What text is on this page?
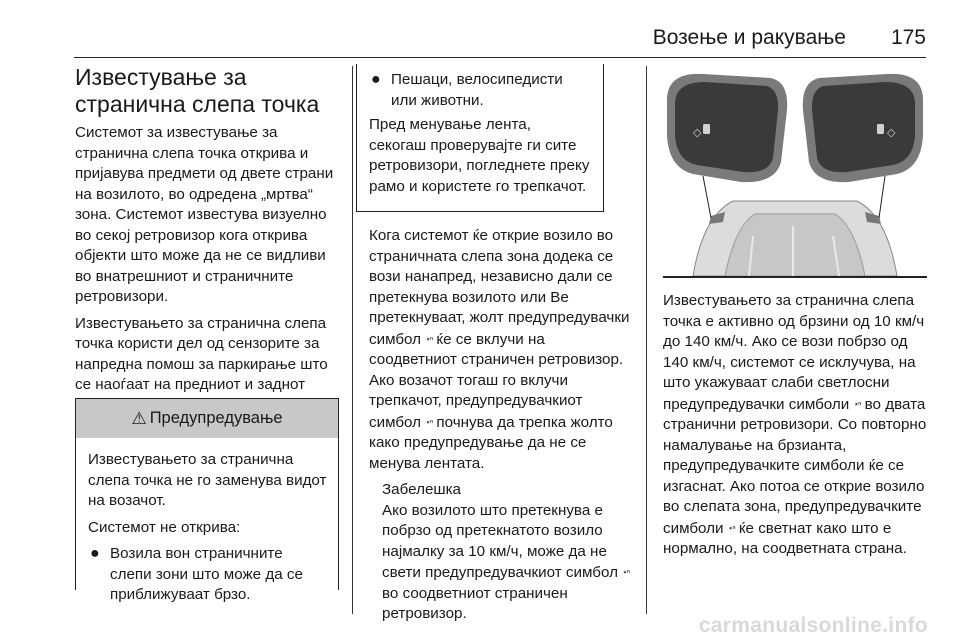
Возење и ракување 175
Известување за странична слепа точка

Системот за известување за странична слепа точка открива и пријавува предмети од двете страни на возилото, во одредена „мртва“ зона. Системот известува визуелно во секој ретровизор кога открива објекти што може да не се видливи во внатрешниот и страничните ретровизори.

Известувањето за странична слепа точка користи дел од сензорите за напредна помош за паркирање што се наоѓаат на предниот и заднот

⚠ Предупредување

Известувањето за странична слепа точка не го заменува видот на возачот.

Системот не открива:

● Возила вон страничните слепи зони што можe да се приближуваат брзо.
● Пешаци, велосипедисти или животни.

Пред менување лента, секогаш проверувајте ги сите ретровизори, погледнете преку рамо и користете го трепкачот.

Кога системот ќе открие возило во страничната слепа зона додека се вози нанапред, независно дали се претекнува возилото или Ве претекнуваат, жолт предупредувачки симбол ⋆ⁿ ќе се вклучи на соодветниот страничен ретровизор. Ако возачот тогаш го вклучи трепкачот, предупредувачкиот симбол ⋆ⁿ почнува да трепка жолто како предупредување да не се менува лентата.

Забелешка

Ако возилото што претекнува е побрзо од претекнатото возило најмалку за 10 км/ч, може да не свети предупредувачкиот симбол ⋆ⁿ во соодветниот страничен ретровизор.

◇	◇

Известувањето за странична слепа точка е активно од брзини од 10 км/ч до 140 км/ч. Ако се вози побрзо од 140 км/ч, системот се исклучува, на што укажуваат слаби светлосни предупредувачки симболи ⋆ⁿ во двата странични ретровизори. Со повторно намалување на брзианта, предупредувачките симболи ќе се изгаснат. Ако потоа се открие возило во слепата зона, предупредувачките симболи ⋆ⁿ ќе светнат како што е нормално, на соодветната страна.

carmanualsonline.info
